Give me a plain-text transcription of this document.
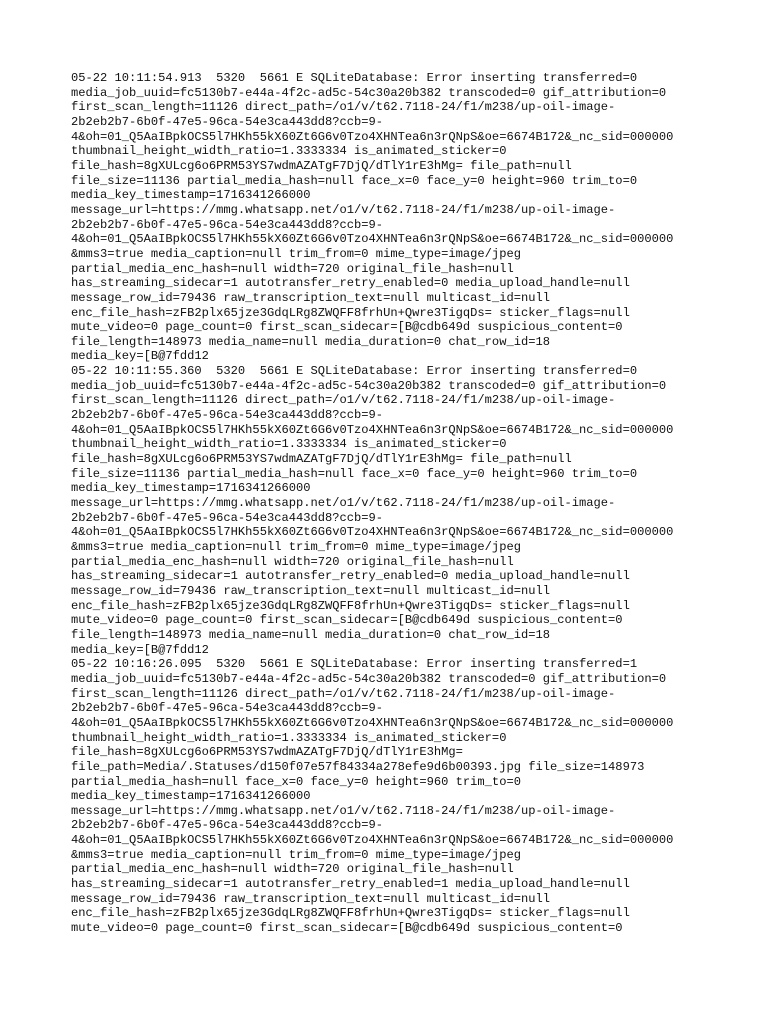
05-22 10:11:54.913  5320  5661 E SQLiteDatabase: Error inserting transferred=0
media_job_uuid=fc5130b7-e44a-4f2c-ad5c-54c30a20b382 transcoded=0 gif_attribution=0
first_scan_length=11126 direct_path=/o1/v/t62.7118-24/f1/m238/up-oil-image-
2b2eb2b7-6b0f-47e5-96ca-54e3ca443dd8?ccb=9-
4&oh=01_Q5AaIBpkOCS5l7HKh55kX60Zt6G6v0Tzo4XHNTea6n3rQNpS&oe=6674B172&_nc_sid=000000
thumbnail_height_width_ratio=1.3333334 is_animated_sticker=0
file_hash=8gXULcg6o6PRM53YS7wdmAZATgF7DjQ/dTlY1rE3hMg= file_path=null
file_size=11136 partial_media_hash=null face_x=0 face_y=0 height=960 trim_to=0
media_key_timestamp=1716341266000
message_url=https://mmg.whatsapp.net/o1/v/t62.7118-24/f1/m238/up-oil-image-
2b2eb2b7-6b0f-47e5-96ca-54e3ca443dd8?ccb=9-
4&oh=01_Q5AaIBpkOCS5l7HKh55kX60Zt6G6v0Tzo4XHNTea6n3rQNpS&oe=6674B172&_nc_sid=000000
&mms3=true media_caption=null trim_from=0 mime_type=image/jpeg
partial_media_enc_hash=null width=720 original_file_hash=null
has_streaming_sidecar=1 autotransfer_retry_enabled=0 media_upload_handle=null
message_row_id=79436 raw_transcription_text=null multicast_id=null
enc_file_hash=zFB2plx65jze3GdqLRg8ZWQFF8frhUn+Qwre3TigqDs= sticker_flags=null
mute_video=0 page_count=0 first_scan_sidecar=[B@cdb649d suspicious_content=0
file_length=148973 media_name=null media_duration=0 chat_row_id=18
media_key=[B@7fdd12
05-22 10:11:55.360  5320  5661 E SQLiteDatabase: Error inserting transferred=0
media_job_uuid=fc5130b7-e44a-4f2c-ad5c-54c30a20b382 transcoded=0 gif_attribution=0
first_scan_length=11126 direct_path=/o1/v/t62.7118-24/f1/m238/up-oil-image-
2b2eb2b7-6b0f-47e5-96ca-54e3ca443dd8?ccb=9-
4&oh=01_Q5AaIBpkOCS5l7HKh55kX60Zt6G6v0Tzo4XHNTea6n3rQNpS&oe=6674B172&_nc_sid=000000
thumbnail_height_width_ratio=1.3333334 is_animated_sticker=0
file_hash=8gXULcg6o6PRM53YS7wdmAZATgF7DjQ/dTlY1rE3hMg= file_path=null
file_size=11136 partial_media_hash=null face_x=0 face_y=0 height=960 trim_to=0
media_key_timestamp=1716341266000
message_url=https://mmg.whatsapp.net/o1/v/t62.7118-24/f1/m238/up-oil-image-
2b2eb2b7-6b0f-47e5-96ca-54e3ca443dd8?ccb=9-
4&oh=01_Q5AaIBpkOCS5l7HKh55kX60Zt6G6v0Tzo4XHNTea6n3rQNpS&oe=6674B172&_nc_sid=000000
&mms3=true media_caption=null trim_from=0 mime_type=image/jpeg
partial_media_enc_hash=null width=720 original_file_hash=null
has_streaming_sidecar=1 autotransfer_retry_enabled=0 media_upload_handle=null
message_row_id=79436 raw_transcription_text=null multicast_id=null
enc_file_hash=zFB2plx65jze3GdqLRg8ZWQFF8frhUn+Qwre3TigqDs= sticker_flags=null
mute_video=0 page_count=0 first_scan_sidecar=[B@cdb649d suspicious_content=0
file_length=148973 media_name=null media_duration=0 chat_row_id=18
media_key=[B@7fdd12
05-22 10:16:26.095  5320  5661 E SQLiteDatabase: Error inserting transferred=1
media_job_uuid=fc5130b7-e44a-4f2c-ad5c-54c30a20b382 transcoded=0 gif_attribution=0
first_scan_length=11126 direct_path=/o1/v/t62.7118-24/f1/m238/up-oil-image-
2b2eb2b7-6b0f-47e5-96ca-54e3ca443dd8?ccb=9-
4&oh=01_Q5AaIBpkOCS5l7HKh55kX60Zt6G6v0Tzo4XHNTea6n3rQNpS&oe=6674B172&_nc_sid=000000
thumbnail_height_width_ratio=1.3333334 is_animated_sticker=0
file_hash=8gXULcg6o6PRM53YS7wdmAZATgF7DjQ/dTlY1rE3hMg=
file_path=Media/.Statuses/d150f07e57f84334a278efe9d6b00393.jpg file_size=148973
partial_media_hash=null face_x=0 face_y=0 height=960 trim_to=0
media_key_timestamp=1716341266000
message_url=https://mmg.whatsapp.net/o1/v/t62.7118-24/f1/m238/up-oil-image-
2b2eb2b7-6b0f-47e5-96ca-54e3ca443dd8?ccb=9-
4&oh=01_Q5AaIBpkOCS5l7HKh55kX60Zt6G6v0Tzo4XHNTea6n3rQNpS&oe=6674B172&_nc_sid=000000
&mms3=true media_caption=null trim_from=0 mime_type=image/jpeg
partial_media_enc_hash=null width=720 original_file_hash=null
has_streaming_sidecar=1 autotransfer_retry_enabled=1 media_upload_handle=null
message_row_id=79436 raw_transcription_text=null multicast_id=null
enc_file_hash=zFB2plx65jze3GdqLRg8ZWQFF8frhUn+Qwre3TigqDs= sticker_flags=null
mute_video=0 page_count=0 first_scan_sidecar=[B@cdb649d suspicious_content=0
